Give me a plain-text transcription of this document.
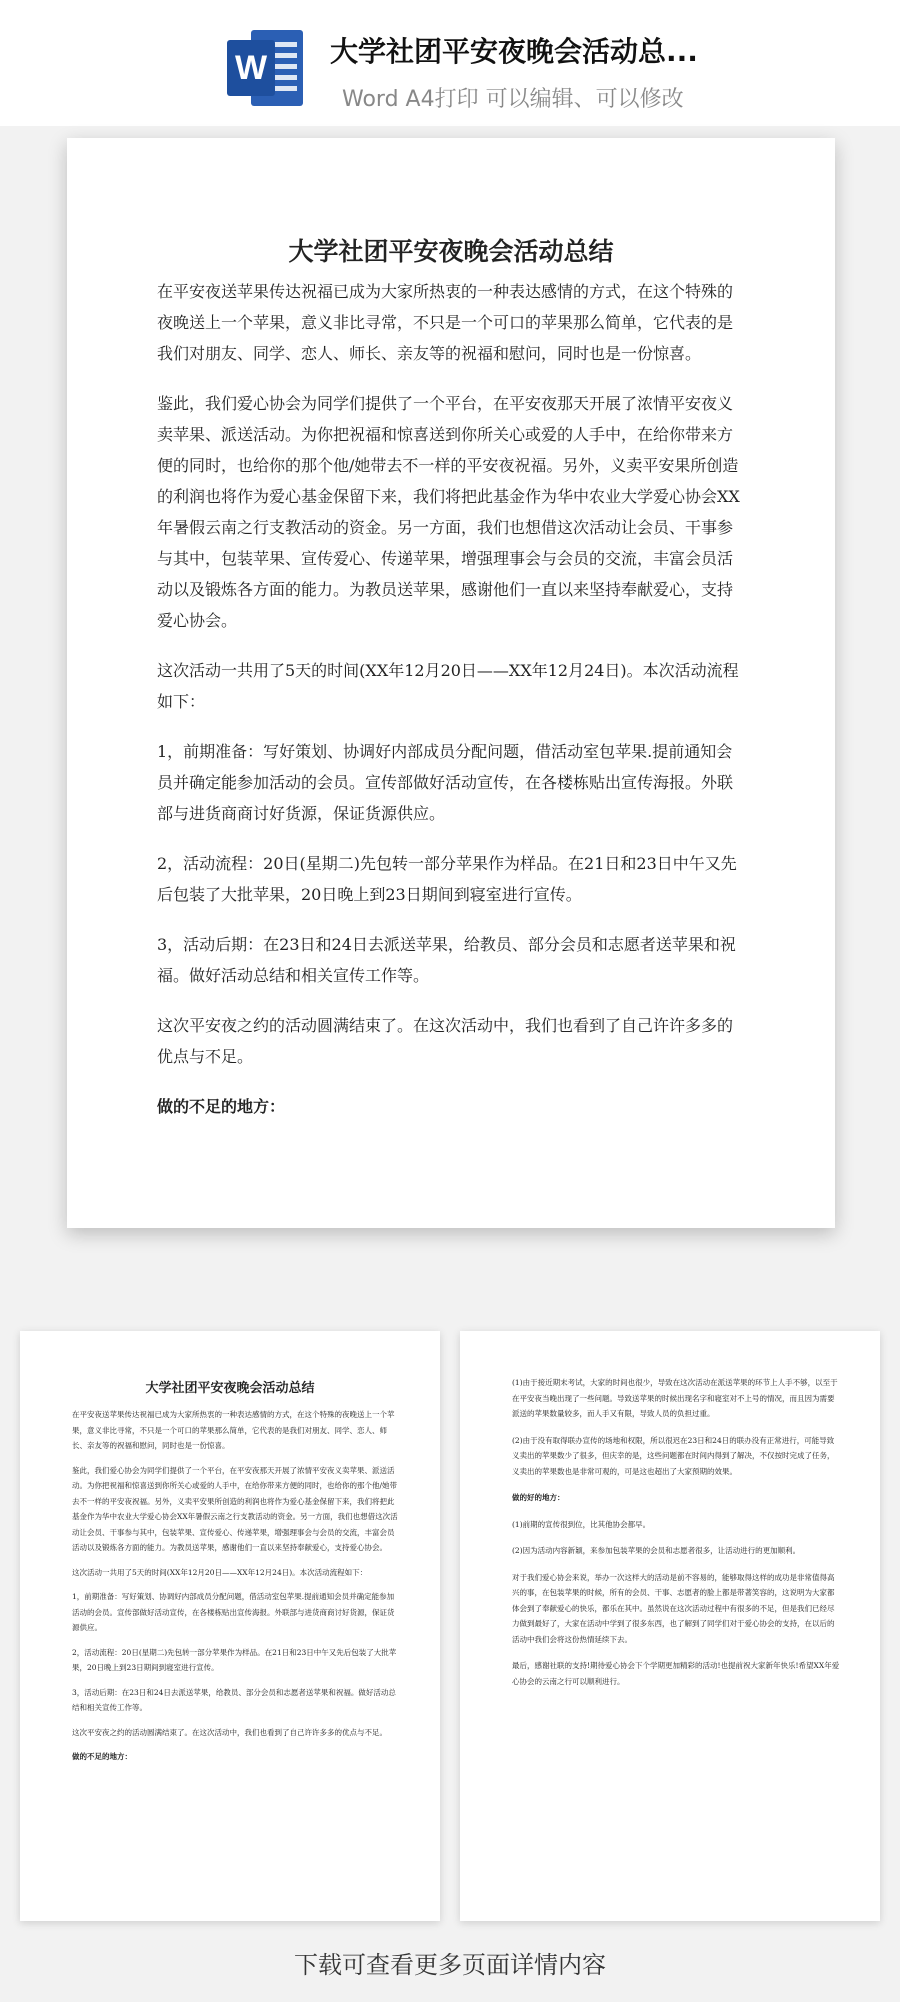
W 大学社团平安夜晚会活动总...
Word A4打印 可以编辑、可以修改
大学社团平安夜晚会活动总结

在平安夜送苹果传达祝福已成为大家所热衷的一种表达感情的方式，在这个特殊的夜晚送上一个苹果，意义非比寻常，不只是一个可口的苹果那么简单，它代表的是我们对朋友、同学、恋人、师长、亲友等的祝福和慰问，同时也是一份惊喜。

鉴此，我们爱心协会为同学们提供了一个平台，在平安夜那天开展了浓情平安夜义卖苹果、派送活动。为你把祝福和惊喜送到你所关心或爱的人手中，在给你带来方便的同时，也给你的那个他/她带去不一样的平安夜祝福。另外，义卖平安果所创造的利润也将作为爱心基金保留下来，我们将把此基金作为华中农业大学爱心协会XX年暑假云南之行支教活动的资金。另一方面，我们也想借这次活动让会员、干事参与其中，包装苹果、宣传爱心、传递苹果，增强理事会与会员的交流，丰富会员活动以及锻炼各方面的能力。为教员送苹果，感谢他们一直以来坚持奉献爱心，支持爱心协会。

这次活动一共用了5天的时间(XX年12月20日——XX年12月24日)。本次活动流程如下：

1，前期准备：写好策划、协调好内部成员分配问题，借活动室包苹果.提前通知会员并确定能参加活动的会员。宣传部做好活动宣传，在各楼栋贴出宣传海报。外联部与进货商商讨好货源，保证货源供应。

2，活动流程：20日(星期二)先包转一部分苹果作为样品。在21日和23日中午又先后包装了大批苹果，20日晚上到23日期间到寝室进行宣传。

3，活动后期：在23日和24日去派送苹果，给教员、部分会员和志愿者送苹果和祝福。做好活动总结和相关宣传工作等。

这次平安夜之约的活动圆满结束了。在这次活动中，我们也看到了自己许许多多的优点与不足。

做的不足的地方：

大学社团平安夜晚会活动总结

在平安夜送苹果传达祝福已成为大家所热衷的一种表达感情的方式，在这个特殊的夜晚送上一个苹果，意义非比寻常，不只是一个可口的苹果那么简单，它代表的是我们对朋友、同学、恋人、师长、亲友等的祝福和慰问，同时也是一份惊喜。

鉴此，我们爱心协会为同学们提供了一个平台，在平安夜那天开展了浓情平安夜义卖苹果、派送活动。为你把祝福和惊喜送到你所关心或爱的人手中，在给你带来方便的同时，也给你的那个他/她带去不一样的平安夜祝福。另外，义卖平安果所创造的利润也将作为爱心基金保留下来，我们将把此基金作为华中农业大学爱心协会XX年暑假云南之行支教活动的资金。另一方面，我们也想借这次活动让会员、干事参与其中，包装苹果、宣传爱心、传递苹果，增强理事会与会员的交流，丰富会员活动以及锻炼各方面的能力。为教员送苹果，感谢他们一直以来坚持奉献爱心，支持爱心协会。

这次活动一共用了5天的时间(XX年12月20日——XX年12月24日)。本次活动流程如下：

1，前期准备：写好策划、协调好内部成员分配问题，借活动室包苹果.提前通知会员并确定能参加活动的会员。宣传部做好活动宣传，在各楼栋贴出宣传海报。外联部与进货商商讨好货源，保证货源供应。

2，活动流程：20日(星期二)先包转一部分苹果作为样品。在21日和23日中午又先后包装了大批苹果，20日晚上到23日期间到寝室进行宣传。

3，活动后期：在23日和24日去派送苹果，给教员、部分会员和志愿者送苹果和祝福。做好活动总结和相关宣传工作等。

这次平安夜之约的活动圆满结束了。在这次活动中，我们也看到了自己许许多多的优点与不足。

做的不足的地方：

(1)由于接近期末考试，大家的时间也很少，导致在这次活动在派送苹果的环节上人手不够，以至于在平安夜当晚出现了一些问题。导致送苹果的时候出现名字和寝室对不上号的情况，而且因为需要派送的苹果数量较多，而人手又有限，导致人员的负担过重。

(2)由于没有取得联办宣传的场地和权限，所以很迟在23日和24日的联办没有正常进行，可能导致义卖出的苹果数少了很多，但庆幸的是，这些问题都在时间内得到了解决，不仅按时完成了任务，义卖出的苹果数也是非常可观的，可是这也超出了大家预期的效果。

做的好的地方：

(1)前期的宣传很到位，比其他协会都早。

(2)因为活动内容新颖，来参加包装苹果的会员和志愿者很多，让活动进行的更加顺利。

对于我们爱心协会来说，举办一次这样大的活动是前不容易的，能够取得这样的成功是非常值得高兴的事，在包装苹果的时候，所有的会员、干事、志愿者的脸上都是带著笑容的，这说明为大家都体会到了奉献爱心的快乐，都乐在其中。虽然说在这次活动过程中有很多的不足，但是我们已经尽力做到最好了，大家在活动中学到了很多东西，也了解到了同学们对于爱心协会的支持，在以后的活动中我们会将这份热情延续下去。

最后，感谢社联的支持!期待爱心协会下个学期更加精彩的活动!也提前祝大家新年快乐!希望XX年爱心协会的云南之行可以顺利进行。

下载可查看更多页面详情内容
